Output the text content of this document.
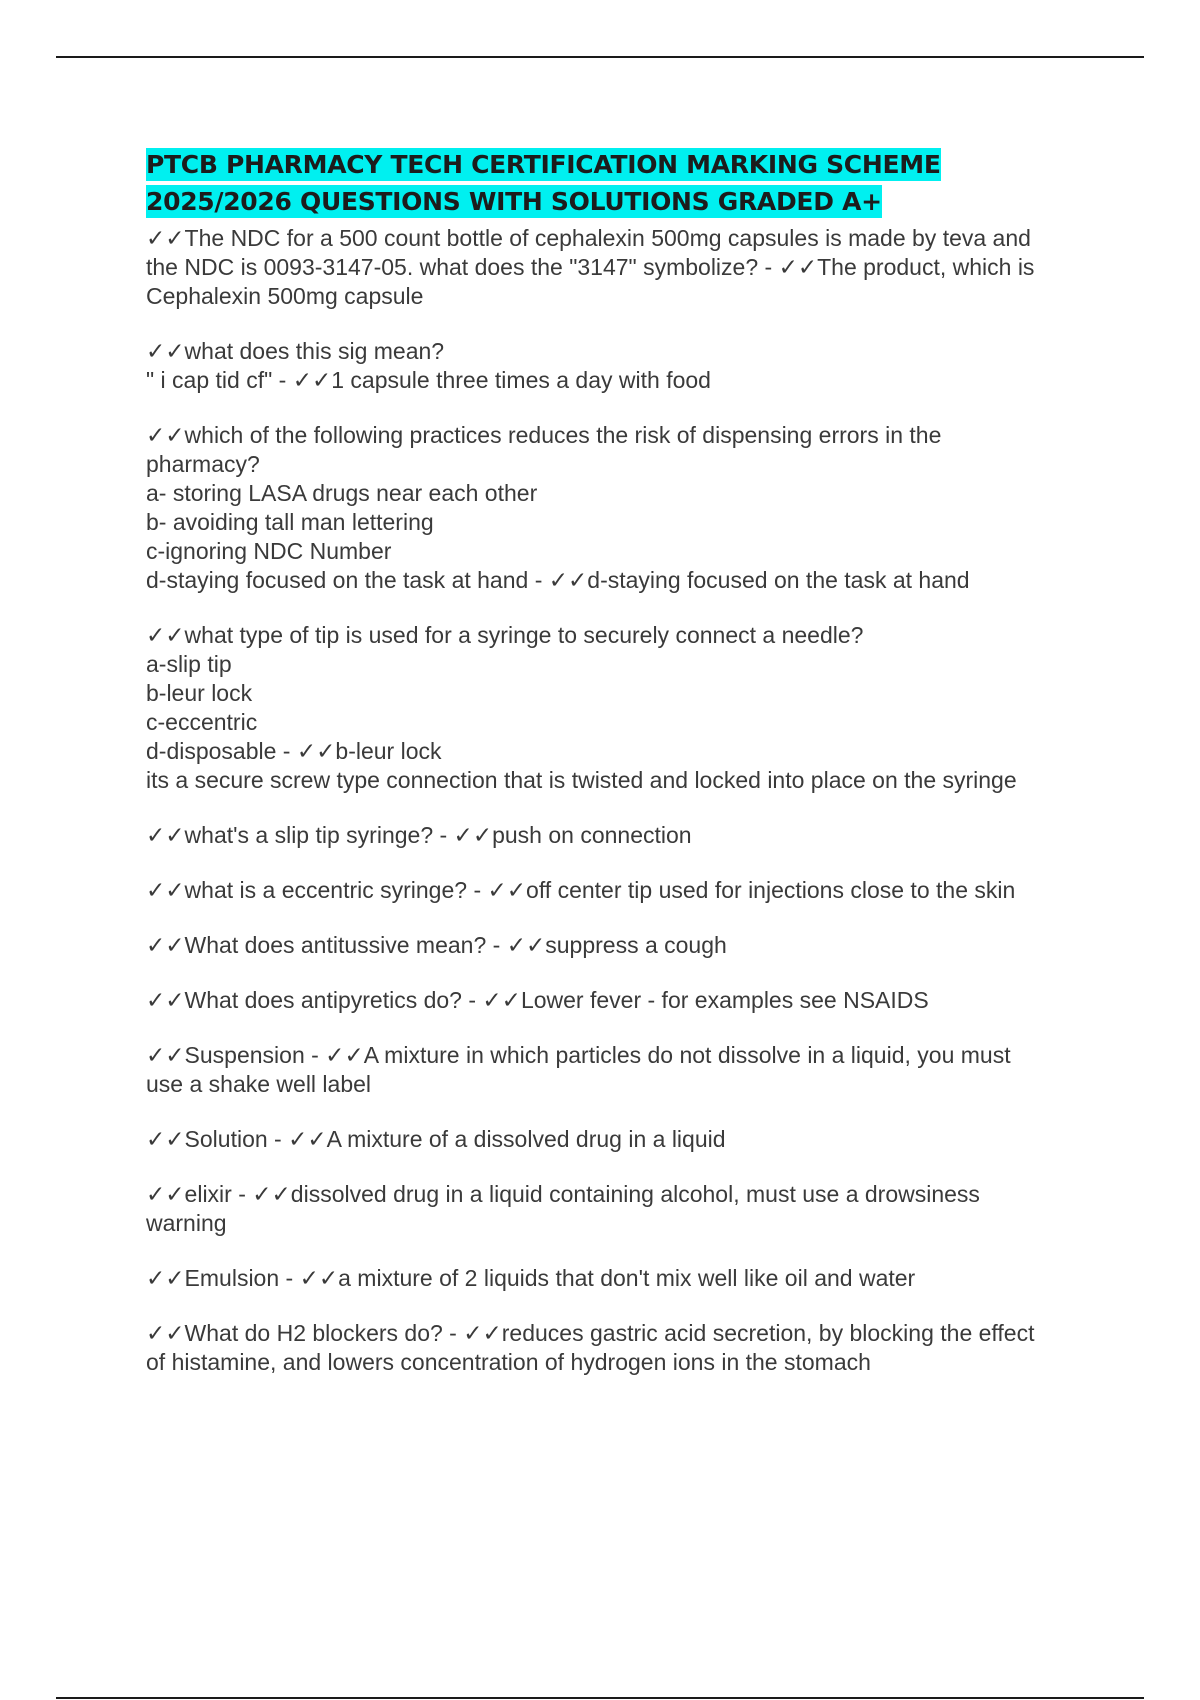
PTCB PHARMACY TECH CERTIFICATION MARKING SCHEME
2025/2026 QUESTIONS WITH SOLUTIONS GRADED A+
✓✓The NDC for a 500 count bottle of cephalexin 500mg capsules is made by teva and
the NDC is 0093-3147-05. what does the "3147" symbolize? - ✓✓The product, which is
Cephalexin 500mg capsule
✓✓what does this sig mean?
" i cap tid cf" - ✓✓1 capsule three times a day with food
✓✓which of the following practices reduces the risk of dispensing errors in the
pharmacy?
a- storing LASA drugs near each other
b- avoiding tall man lettering
c-ignoring NDC Number
d-staying focused on the task at hand - ✓✓d-staying focused on the task at hand
✓✓what type of tip is used for a syringe to securely connect a needle?
a-slip tip
b-leur lock
c-eccentric
d-disposable - ✓✓b-leur lock
its a secure screw type connection that is twisted and locked into place on the syringe
✓✓what's a slip tip syringe? - ✓✓push on connection
✓✓what is a eccentric syringe? - ✓✓off center tip used for injections close to the skin
✓✓What does antitussive mean? - ✓✓suppress a cough
✓✓What does antipyretics do? - ✓✓Lower fever - for examples see NSAIDS
✓✓Suspension - ✓✓A mixture in which particles do not dissolve in a liquid, you must
use a shake well label
✓✓Solution - ✓✓A mixture of a dissolved drug in a liquid
✓✓elixir - ✓✓dissolved drug in a liquid containing alcohol, must use a drowsiness
warning
✓✓Emulsion - ✓✓a mixture of 2 liquids that don't mix well like oil and water
✓✓What do H2 blockers do? - ✓✓reduces gastric acid secretion, by blocking the effect
of histamine, and lowers concentration of hydrogen ions in the stomach
